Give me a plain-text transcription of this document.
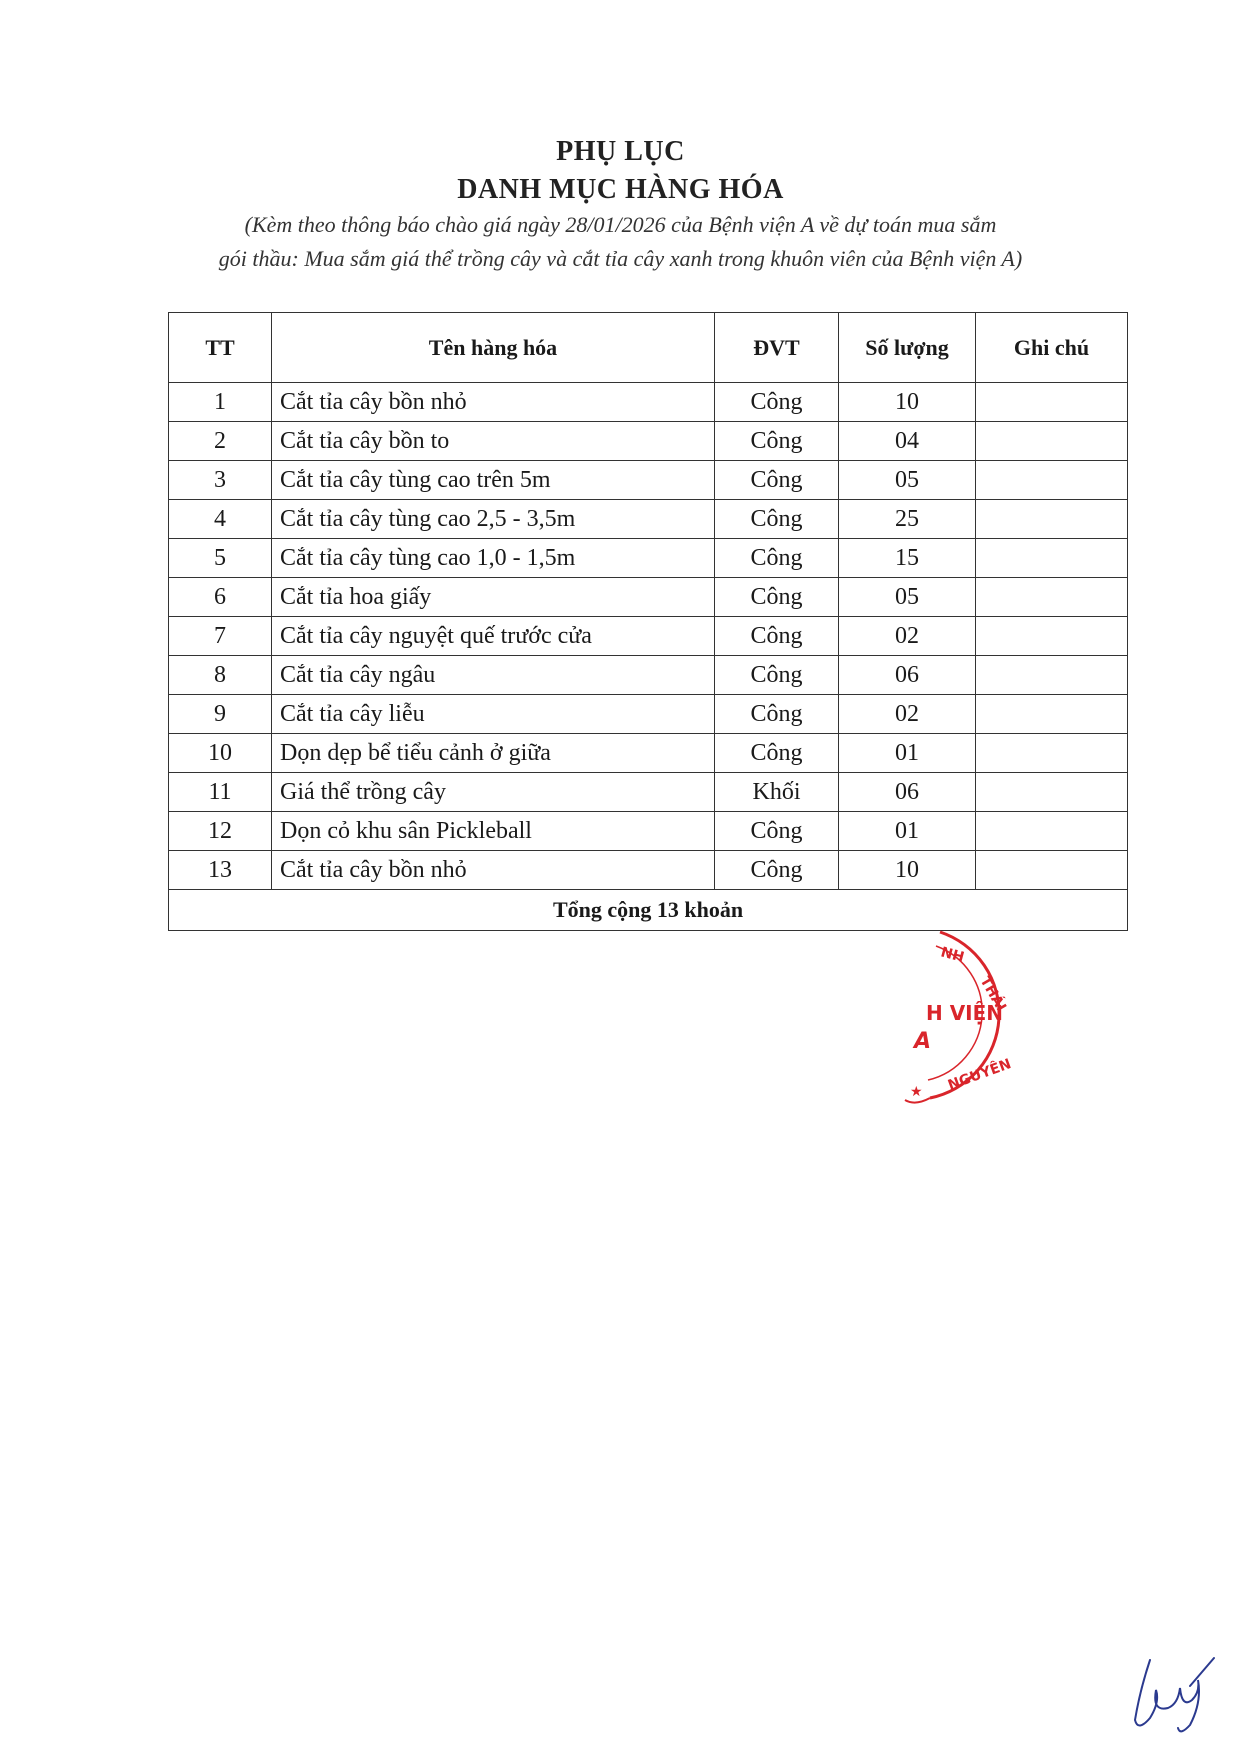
PHỤ LỤC
DANH MỤC HÀNG HÓA
(Kèm theo thông báo chào giá ngày 28/01/2026 của Bệnh viện A về dự toán mua sắm
gói thầu: Mua sắm giá thể trồng cây và cắt tỉa cây xanh trong khuôn viên của Bệnh viện A)
TT	Tên hàng hóa	ĐVT	Số lượng	Ghi chú
1	Cắt tỉa cây bồn nhỏ	Công	10	
2	Cắt tỉa cây bồn to	Công	04	
3	Cắt tỉa cây tùng cao trên 5m	Công	05	
4	Cắt tỉa cây tùng cao 2,5 - 3,5m	Công	25	
5	Cắt tỉa cây tùng cao 1,0 - 1,5m	Công	15	
6	Cắt tỉa hoa giấy	Công	05	
7	Cắt tỉa cây nguyệt quế trước cửa	Công	02	
8	Cắt tỉa cây ngâu	Công	06	
9	Cắt tỉa cây liễu	Công	02	
10	Dọn dẹp bể tiểu cảnh ở giữa	Công	01	
11	Giá thể trồng cây	Khối	06	
12	Dọn cỏ khu sân Pickleball	Công	01	
13	Cắt tỉa cây bồn nhỏ	Công	10	
Tổng cộng 13 khoản				
NH
THÁI
H VIỆN
A
NGUYÊN
★
